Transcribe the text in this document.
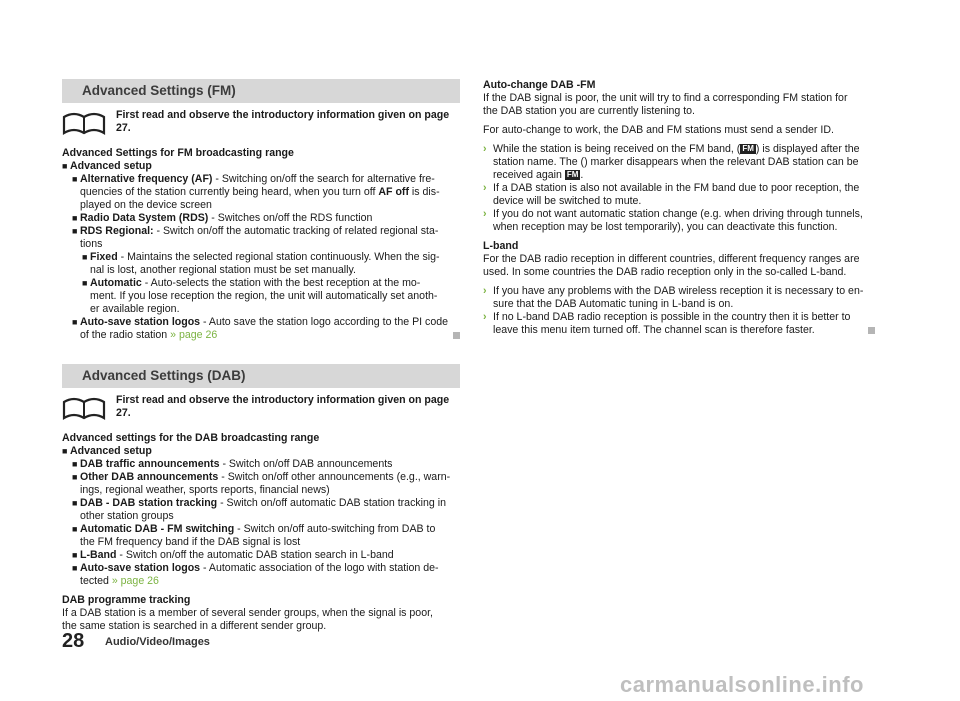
Advanced Settings (FM)
First read and observe the introductory information given on page 27.

Advanced Settings for FM broadcasting range

■ Advanced setup

■ Alternative frequency (AF) - Switching on/off the search for alternative fre-
quencies of the station currently being heard, when you turn off AF off is dis-
played on the device screen

■ Radio Data System (RDS) - Switches on/off the RDS function

■ RDS Regional: - Switch on/off the automatic tracking of related regional sta-
tions

■ Fixed - Maintains the selected regional station continuously. When the sig-
nal is lost, another regional station must be set manually.

■ Automatic - Auto-selects the station with the best reception at the mo-
ment. If you lose reception the region, the unit will automatically set anoth-
er available region.

■ Auto-save station logos - Auto save the station logo according to the PI code
of the radio station » page 26

Advanced Settings (DAB)
First read and observe the introductory information given on page 27.

Advanced settings for the DAB broadcasting range

■ Advanced setup

■ DAB traffic announcements - Switch on/off DAB announcements

■ Other DAB announcements - Switch on/off other announcements (e.g., warn-
ings, regional weather, sports reports, financial news)

■ DAB - DAB station tracking - Switch on/off automatic DAB station tracking in
other station groups

■ Automatic DAB - FM switching - Switch on/off auto-switching from DAB to
the FM frequency band if the DAB signal is lost

■ L-Band - Switch on/off the automatic DAB station search in L-band

■ Auto-save station logos - Automatic association of the logo with station de-
tected » page 26

DAB programme tracking

If a DAB station is a member of several sender groups, when the signal is poor,
the same station is searched in a different sender group.

Auto-change DAB -FM

If the DAB signal is poor, the unit will try to find a corresponding FM station for
the DAB station you are currently listening to.

For auto-change to work, the DAB and FM stations must send a sender ID.

› While the station is being received on the FM band, ( FM ) is displayed after the
station name. The () marker disappears when the relevant DAB station can be
received again FM .

› If a DAB station is also not available in the FM band due to poor reception, the
device will be switched to mute.

› If you do not want automatic station change (e.g. when driving through tunnels,
when reception may be lost temporarily), you can deactivate this function.

L-band

For the DAB radio reception in different countries, different frequency ranges are
used. In some countries the DAB radio reception only in the so-called L-band.

› If you have any problems with the DAB wireless reception it is necessary to en-
sure that the DAB Automatic tuning in L-band is on.

› If no L-band DAB radio reception is possible in the country then it is better to
leave this menu item turned off. The channel scan is therefore faster.

28 Audio/Video/Images
carmanualsonline.info
